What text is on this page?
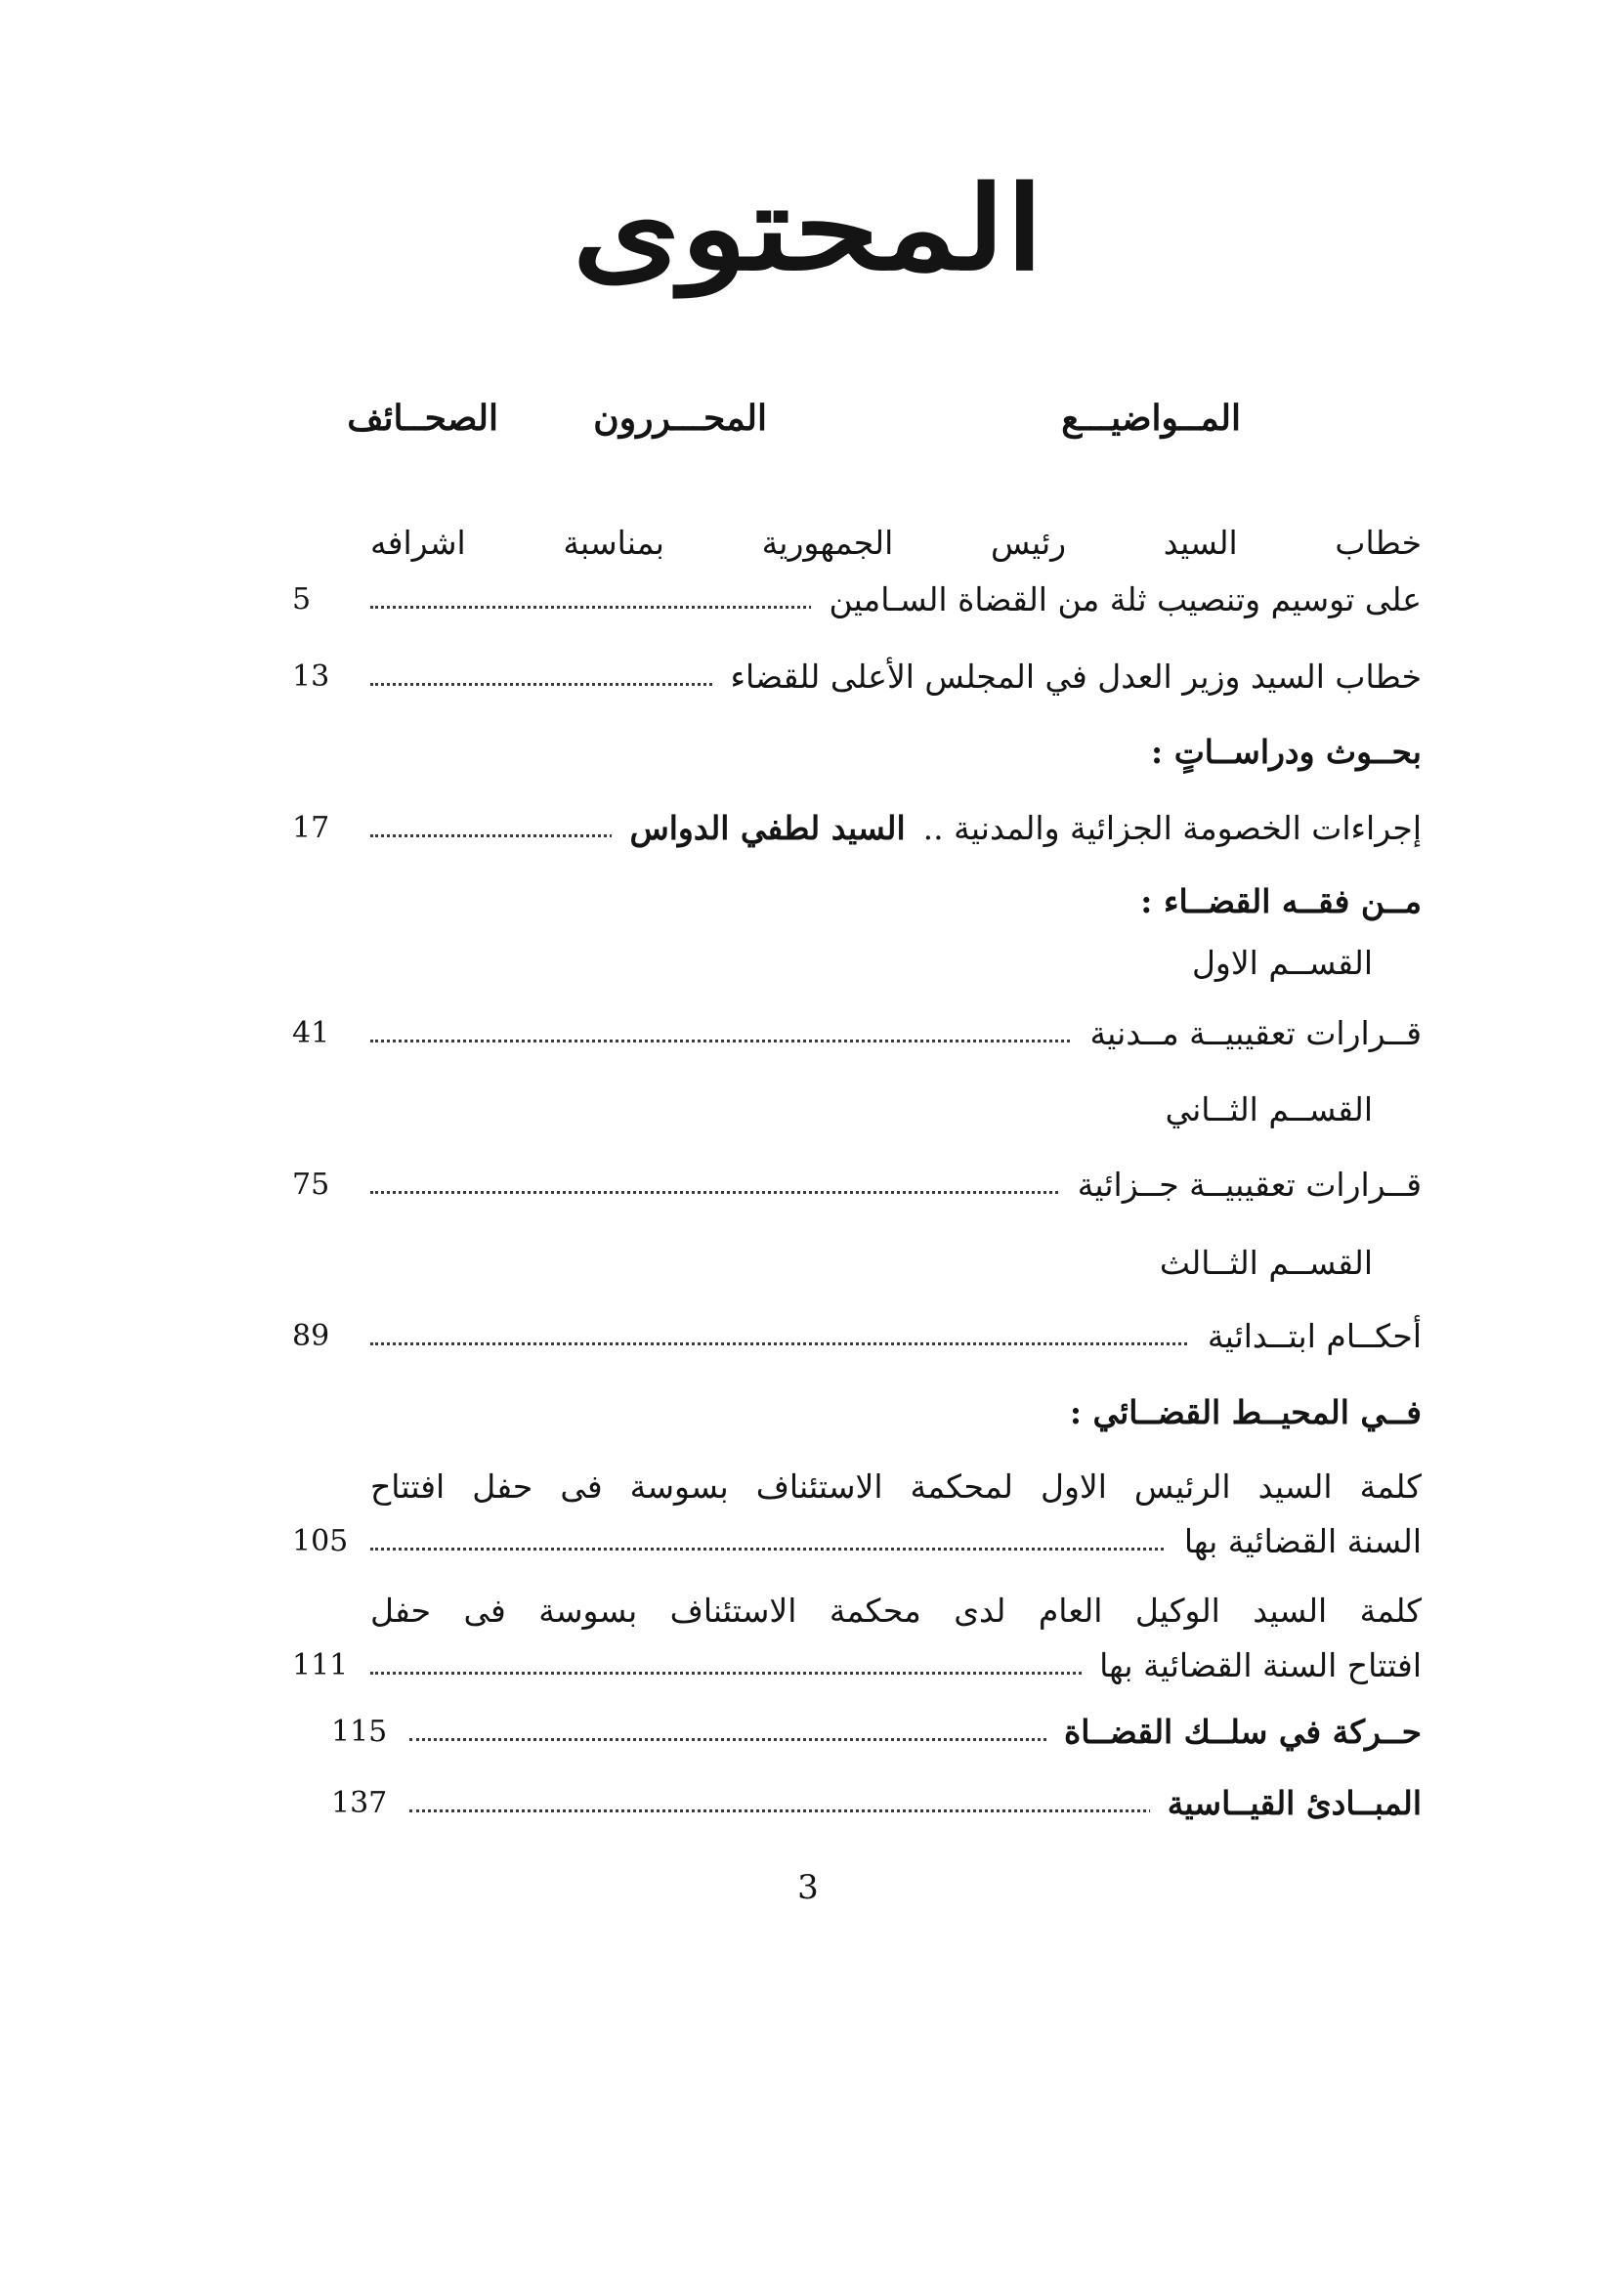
المحتوى
المــواضيـــع
المحـــررون
الصحــائف
خطاب السيد رئيس الجمهورية بمناسبة اشرافه
على توسيم وتنصيب ثلة من القضاة السـامين
5
خطاب السيد وزير العدل في المجلس الأعلى للقضاء
13
بحــوث ودراســاتٍ :
إجراءات الخصومة الجزائية والمدنية ..السيد لطفي الدواس
17
مــن فقــه القضــاء :
القســم الاول
قــرارات تعقيبيــة مــدنية
41
القســم الثــاني
قــرارات تعقيبيــة جــزائية
75
القســم الثــالث
أحكــام ابتــدائية
89
فــي المحيــط القضــائي :
كلمة السيد الرئيس الاول لمحكمة الاستئناف بسوسة فى حفل افتتاح
السنة القضائية بها
105
كلمة السيد الوكيل العام لدى محكمة الاستئناف بسوسة فى حفل
افتتاح السنة القضائية بها
111
حــركة في سلــك القضــاة
115
المبــادئ القيــاسية
137
3
